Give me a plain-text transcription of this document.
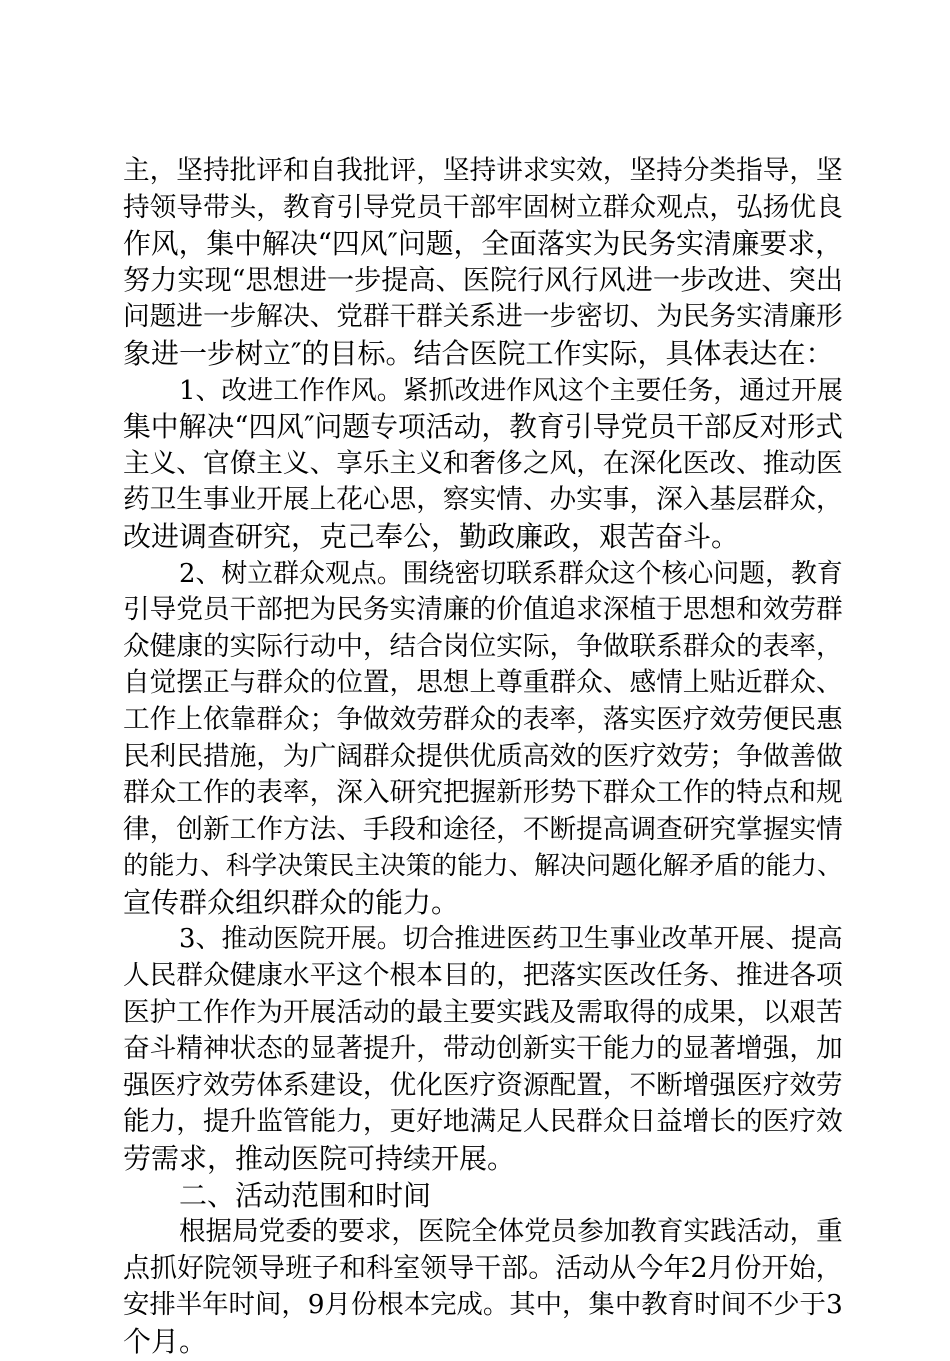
主，坚持批评和自我批评，坚持讲求实效，坚持分类指导，坚
持领导带头，教育引导党员干部牢固树立群众观点，弘扬优良
作风，集中解决“四风″问题，全面落实为民务实清廉要求，
努力实现“思想进一步提高、医院行风行风进一步改进、突出
问题进一步解决、党群干群关系进一步密切、为民务实清廉形
象进一步树立″的目标。结合医院工作实际，具体表达在：
1、改进工作作风。紧抓改进作风这个主要任务，通过开展
集中解决“四风″问题专项活动，教育引导党员干部反对形式
主义、官僚主义、享乐主义和奢侈之风，在深化医改、推动医
药卫生事业开展上花心思，察实情、办实事，深入基层群众，
改进调查研究，克己奉公，勤政廉政，艰苦奋斗。
2、树立群众观点。围绕密切联系群众这个核心问题，教育
引导党员干部把为民务实清廉的价值追求深植于思想和效劳群
众健康的实际行动中，结合岗位实际，争做联系群众的表率，
自觉摆正与群众的位置，思想上尊重群众、感情上贴近群众、
工作上依靠群众；争做效劳群众的表率，落实医疗效劳便民惠
民利民措施，为广阔群众提供优质高效的医疗效劳；争做善做
群众工作的表率，深入研究把握新形势下群众工作的特点和规
律，创新工作方法、手段和途径，不断提高调查研究掌握实情
的能力、科学决策民主决策的能力、解决问题化解矛盾的能力、
宣传群众组织群众的能力。
3、推动医院开展。切合推进医药卫生事业改革开展、提高
人民群众健康水平这个根本目的，把落实医改任务、推进各项
医护工作作为开展活动的最主要实践及需取得的成果，以艰苦
奋斗精神状态的显著提升，带动创新实干能力的显著增强，加
强医疗效劳体系建设，优化医疗资源配置，不断增强医疗效劳
能力，提升监管能力，更好地满足人民群众日益增长的医疗效
劳需求，推动医院可持续开展。
二、活动范围和时间
根据局党委的要求，医院全体党员参加教育实践活动，重
点抓好院领导班子和科室领导干部。活动从今年2月份开始，
安排半年时间，9月份根本完成。其中，集中教育时间不少于3
个月。
